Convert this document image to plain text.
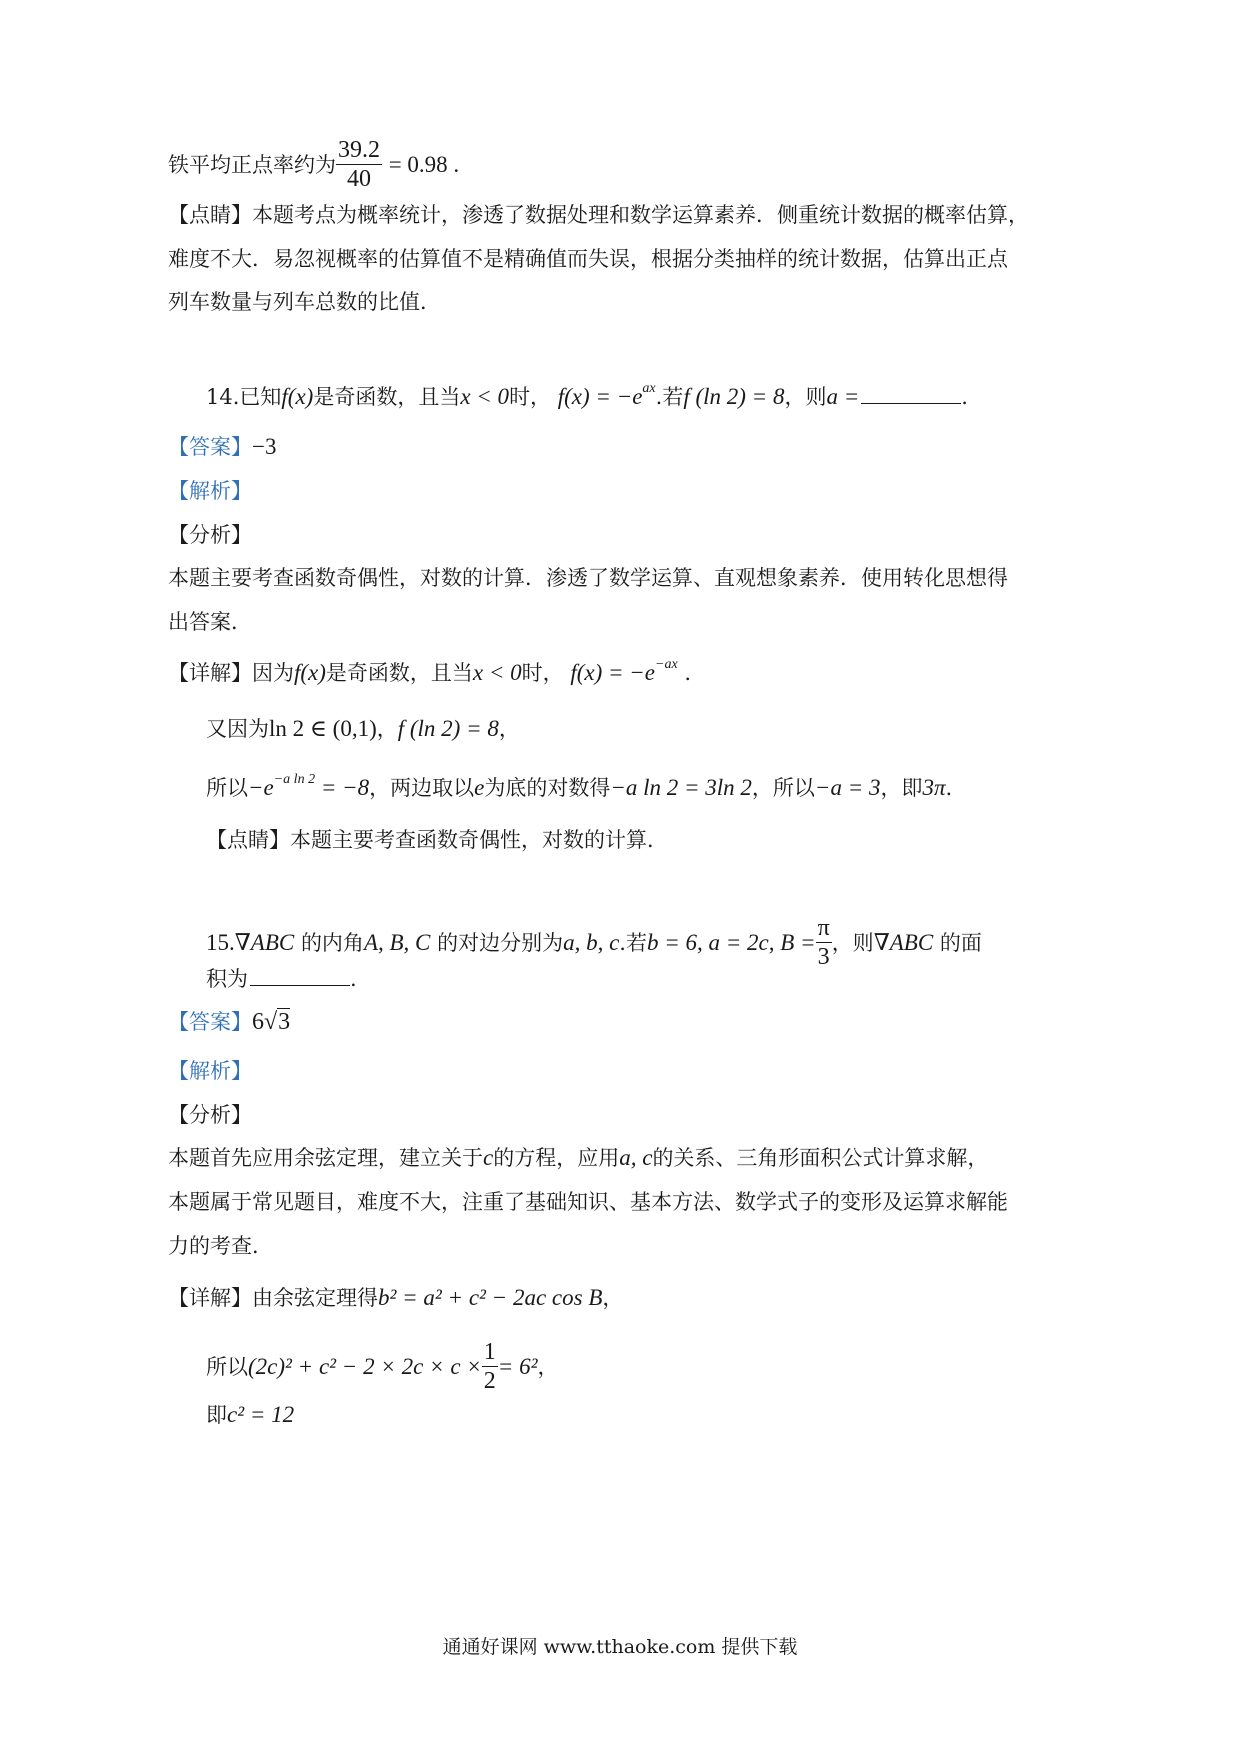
铁平均正点率约为 $\frac{39.2}{40} = 0.98$ .
【点睛】本题考点为概率统计，渗透了数据处理和数学运算素养．侧重统计数据的概率估算，
难度不大．易忽视概率的估算值不是精确值而失误，根据分类抽样的统计数据，估算出正点
列车数量与列车总数的比值．
14.已知f(x)是奇函数，且当x < 0时， $f(x) = -e^{ax}$.若f (ln 2) = 8，则a =	.
【答案】−3
【解析】
【分析】
本题主要考查函数奇偶性，对数的计算．渗透了数学运算、直观想象素养．使用转化思想得
出答案．
【详解】因为f(x)是奇函数，且当x < 0时， $f(x) = -e^{-ax}$ .
又因为ln 2 ∈ (0,1)，f (ln 2) = 8，
所以$-e^{-a ln 2} = -8$，两边取以e为底的对数得−a ln 2 = 3ln 2，所以−a = 3，即3π.
【点睛】本题主要考查函数奇偶性，对数的计算．
15.∇ABC 的内角A, B, C 的对边分别为a, b, c.若b = 6, a = 2c, $B = \frac{\pi}{3}$ ，则∇ABC 的面
积为	.
【答案】6√3
【解析】
【分析】
本题首先应用余弦定理，建立关于c的方程，应用a, c的关系、三角形面积公式计算求解，
本题属于常见题目，难度不大，注重了基础知识、基本方法、数学式子的变形及运算求解能
力的考查．
【详解】由余弦定理得b² = a² + c² − 2ac cos B，
所以$(2c)^2 + c^2 - 2 \times 2c \times c \times \frac{1}{2} = 6^2$，
即c² = 12
通通好课网 www.tthaoke.com 提供下载
